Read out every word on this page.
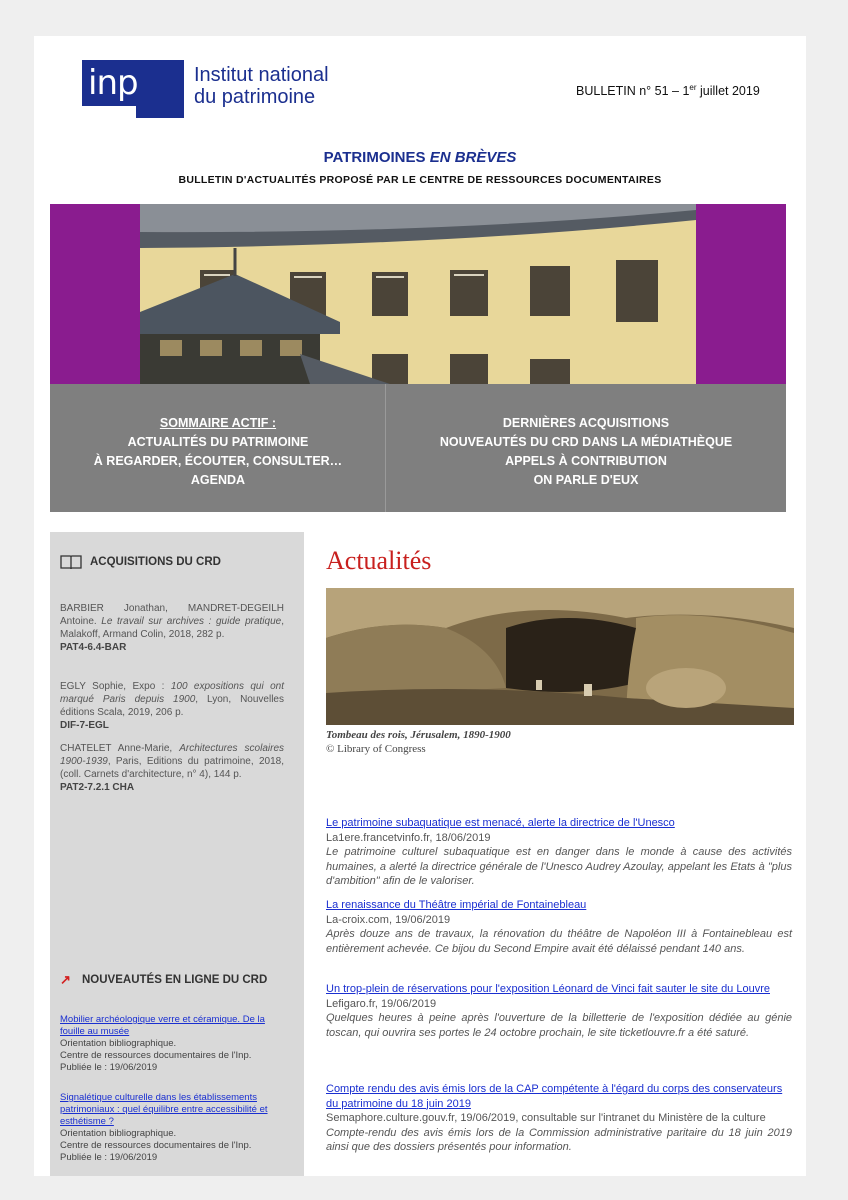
inp	Institut national
du patrimoine	BULLETIN n° 51 – 1er juillet 2019
PATRIMOINES EN BRÈVES
BULLETIN D'ACTUALITÉS PROPOSÉ PAR LE CENTRE DE RESSOURCES DOCUMENTAIRES
SOMMAIRE ACTIF :
ACTUALITÉS DU PATRIMOINE
À REGARDER, ÉCOUTER, CONSULTER…
AGENDA
DERNIÈRES ACQUISITIONS
NOUVEAUTÉS DU CRD DANS LA MÉDIATHÈQUE
APPELS À CONTRIBUTION
ON PARLE D'EUX
ACQUISITIONS DU CRD
BARBIER Jonathan, MANDRET-DEGEILH Antoine. Le travail sur archives : guide pratique, Malakoff, Armand Colin, 2018, 282 p.
PAT4-6.4-BAR
EGLY Sophie, Expo : 100 expositions qui ont marqué Paris depuis 1900, Lyon, Nouvelles éditions Scala, 2019, 206 p.
DIF-7-EGL
CHATELET Anne-Marie, Architectures scolaires 1900-1939, Paris, Editions du patrimoine, 2018, (coll. Carnets d'architecture, n° 4), 144 p.
PAT2-7.2.1 CHA
↗ NOUVEAUTÉS EN LIGNE DU CRD
Mobilier archéologique verre et céramique. De la fouille au musée
Orientation bibliographique.
Centre de ressources documentaires de l'Inp.
Publiée le : 19/06/2019
Signalétique culturelle dans les établissements patrimoniaux : quel équilibre entre accessibilité et esthétisme ?
Orientation bibliographique.
Centre de ressources documentaires de l'Inp.
Publiée le : 19/06/2019
Actualités
Tombeau des rois, Jérusalem, 1890-1900
© Library of Congress
Le patrimoine subaquatique est menacé, alerte la directrice de l'Unesco
La1ere.francetvinfo.fr, 18/06/2019
Le patrimoine culturel subaquatique est en danger dans le monde à cause des activités humaines, a alerté la directrice générale de l'Unesco Audrey Azoulay, appelant les Etats à "plus d'ambition" afin de le valoriser.
La renaissance du Théâtre impérial de Fontainebleau
La-croix.com, 19/06/2019
Après douze ans de travaux, la rénovation du théâtre de Napoléon III à Fontainebleau est entièrement achevée. Ce bijou du Second Empire avait été délaissé pendant 140 ans.
Un trop-plein de réservations pour l'exposition Léonard de Vinci fait sauter le site du Louvre
Lefigaro.fr, 19/06/2019
Quelques heures à peine après l'ouverture de la billetterie de l'exposition dédiée au génie toscan, qui ouvrira ses portes le 24 octobre prochain, le site ticketlouvre.fr a été saturé.
Compte rendu des avis émis lors de la CAP compétente à l'égard du corps des conservateurs du patrimoine du 18 juin 2019
Semaphore.culture.gouv.fr, 19/06/2019, consultable sur l'intranet du Ministère de la culture
Compte-rendu des avis émis lors de la Commission administrative paritaire du 18 juin 2019 ainsi que des dossiers présentés pour information.
